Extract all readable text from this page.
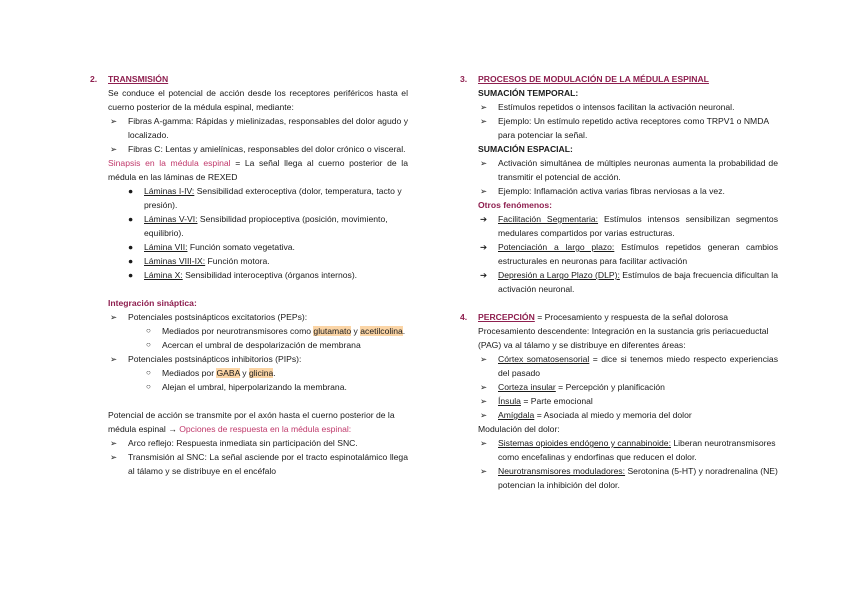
2. TRANSMISIÓN
Se conduce el potencial de acción desde los receptores periféricos hasta el cuerno posterior de la médula espinal, mediante:
➢ Fibras A-gamma: Rápidas y mielinizadas, responsables del dolor agudo y localizado.
➢ Fibras C: Lentas y amielínicas, responsables del dolor crónico o visceral.
Sinapsis en la médula espinal = La señal llega al cuerno posterior de la médula en las láminas de REXED
● Láminas I-IV: Sensibilidad exteroceptiva (dolor, temperatura, tacto y presión).
● Láminas V-VI: Sensibilidad propioceptiva (posición, movimiento, equilibrio).
● Lámina VII: Función somato vegetativa.
● Láminas VIII-IX: Función motora.
● Lámina X: Sensibilidad interoceptiva (órganos internos).
Integración sináptica:
➢ Potenciales postsinápticos excitatorios (PEPs):
○ Mediados por neurotransmisores como glutamato y acetilcolina.
○ Acercan el umbral de despolarización de membrana
➢ Potenciales postsinápticos inhibitorios (PIPs):
○ Mediados por GABA y glicina.
○ Alejan el umbral, hiperpolarizando la membrana.
Potencial de acción se transmite por el axón hasta el cuerno posterior de la médula espinal → Opciones de respuesta en la médula espinal:
➢ Arco reflejo: Respuesta inmediata sin participación del SNC.
➢ Transmisión al SNC: La señal asciende por el tracto espinotalámico llega al tálamo y se distribuye en el encéfalo
3. PROCESOS DE MODULACIÓN DE LA MÉDULA ESPINAL
SUMACIÓN TEMPORAL:
➢ Estímulos repetidos o intensos facilitan la activación neuronal.
➢ Ejemplo: Un estímulo repetido activa receptores como TRPV1 o NMDA para potenciar la señal.
SUMACIÓN ESPACIAL:
➢ Activación simultánea de múltiples neuronas aumenta la probabilidad de transmitir el potencial de acción.
➢ Ejemplo: Inflamación activa varias fibras nerviosas a la vez.
Otros fenómenos:
➔ Facilitación Segmentaria: Estímulos intensos sensibilizan segmentos medulares compartidos por varias estructuras.
➔ Potenciación a largo plazo: Estímulos repetidos generan cambios estructurales en neuronas para facilitar activación
➔ Depresión a Largo Plazo (DLP): Estímulos de baja frecuencia dificultan la activación neuronal.
4. PERCEPCIÓN = Procesamiento y respuesta de la señal dolorosa
Procesamiento descendente: Integración en la sustancia gris periacueductal (PAG) va al tálamo y se distribuye en diferentes áreas:
➢ Córtex somatosensorial = dice si tenemos miedo respecto experiencias del pasado
➢ Corteza insular = Percepción y planificación
➢ Ínsula = Parte emocional
➢ Amígdala = Asociada al miedo y memoria del dolor
Modulación del dolor:
➢ Sistemas opioides endógeno y cannabinoide: Liberan neurotransmisores como encefalinas y endorfinas que reducen el dolor.
➢ Neurotransmisores moduladores: Serotonina (5-HT) y noradrenalina (NE) potencian la inhibición del dolor.
